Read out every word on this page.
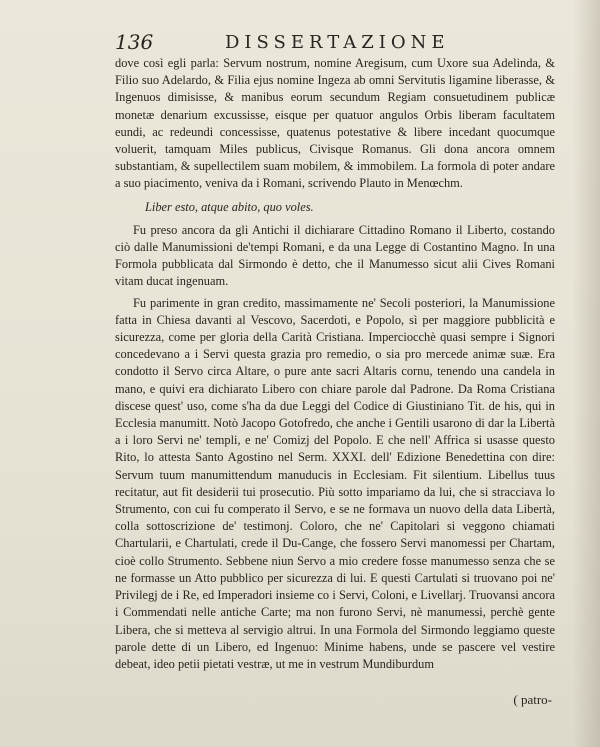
136	DISSERTAZIONE

dove così egli parla: Servum nostrum, nomine Aregisum, cum Uxore sua Adelinda, & Filio suo Adelardo, & Filia ejus nomine Ingeza ab omni Servitutis ligamine liberasse, & Ingenuos dimisisse, & manibus eorum secundum Regiam consuetudinem publicæ monetæ denarium excussisse, eisque per quatuor angulos Orbis liberam facultatem eundi, ac redeundi concessisse, quatenus potestative & libere incedant quocumque voluerit, tamquam Miles publicus, Civisque Romanus. Gli dona ancora omnem substantiam, & supellectilem suam mobilem, & immobilem. La formola di poter andare a suo piacimento, veniva da i Romani, scrivendo Plauto in Menœchm.

Liber esto, atque abito, quo voles.

Fu preso ancora da gli Antichi il dichiarare Cittadino Romano il Liberto, costando ciò dalle Manumissioni de'tempi Romani, e da una Legge di Costantino Magno. In una Formola pubblicata dal Sirmondo è detto, che il Manumesso sicut alii Cives Romani vitam ducat ingenuam.

Fu parimente in gran credito, massimamente ne' Secoli posteriori, la Manumissione fatta in Chiesa davanti al Vescovo, Sacerdoti, e Popolo, sì per maggiore pubblicità e sicurezza, come per gloria della Carità Cristiana. Imperciocchè quasi sempre i Signori concedevano a i Servi questa grazia pro remedio, o sia pro mercede animæ suæ. Era condotto il Servo circa Altare, o pure ante sacri Altaris cornu, tenendo una candela in mano, e quivi era dichiarato Libero con chiare parole dal Padrone. Da Roma Cristiana discese quest' uso, come s'ha da due Leggi del Codice di Giustiniano Tit. de his, qui in Ecclesia manumitt. Notò Jacopo Gotofredo, che anche i Gentili usarono di dar la Libertà a i loro Servi ne' templi, e ne' Comizj del Popolo. E che nell' Affrica si usasse questo Rito, lo attesta Santo Agostino nel Serm. XXXI. dell' Edizione Benedettina con dire: Servum tuum manumittendum manuducis in Ecclesiam. Fit silentium. Libellus tuus recitatur, aut fit desiderii tui prosecutio. Più sotto impariamo da lui, che si stracciava lo Strumento, con cui fu comperato il Servo, e se ne formava un nuovo della data Libertà, colla sottoscrizione de' testimonj. Coloro, che ne' Capitolari si veggono chiamati Chartularii, e Chartulati, crede il Du-Cange, che fossero Servi manomessi per Chartam, cioè collo Strumento. Sebbene niun Servo a mio credere fosse manumesso senza che se ne formasse un Atto pubblico per sicurezza di lui. E questi Cartulati si truovano poi ne' Privilegj de i Re, ed Imperadori insieme co i Servi, Coloni, e Livellarj. Truovansi ancora i Commendati nelle antiche Carte; ma non furono Servi, nè manumessi, perchè gente Libera, che si metteva al servigio altrui. In una Formola del Sirmondo leggiamo queste parole dette di un Libero, ed Ingenuo: Minime habens, unde se pascere vel vestire debeat, ideo petii pietati vestræ, ut me in vestrum Mundiburdum

( patro-
